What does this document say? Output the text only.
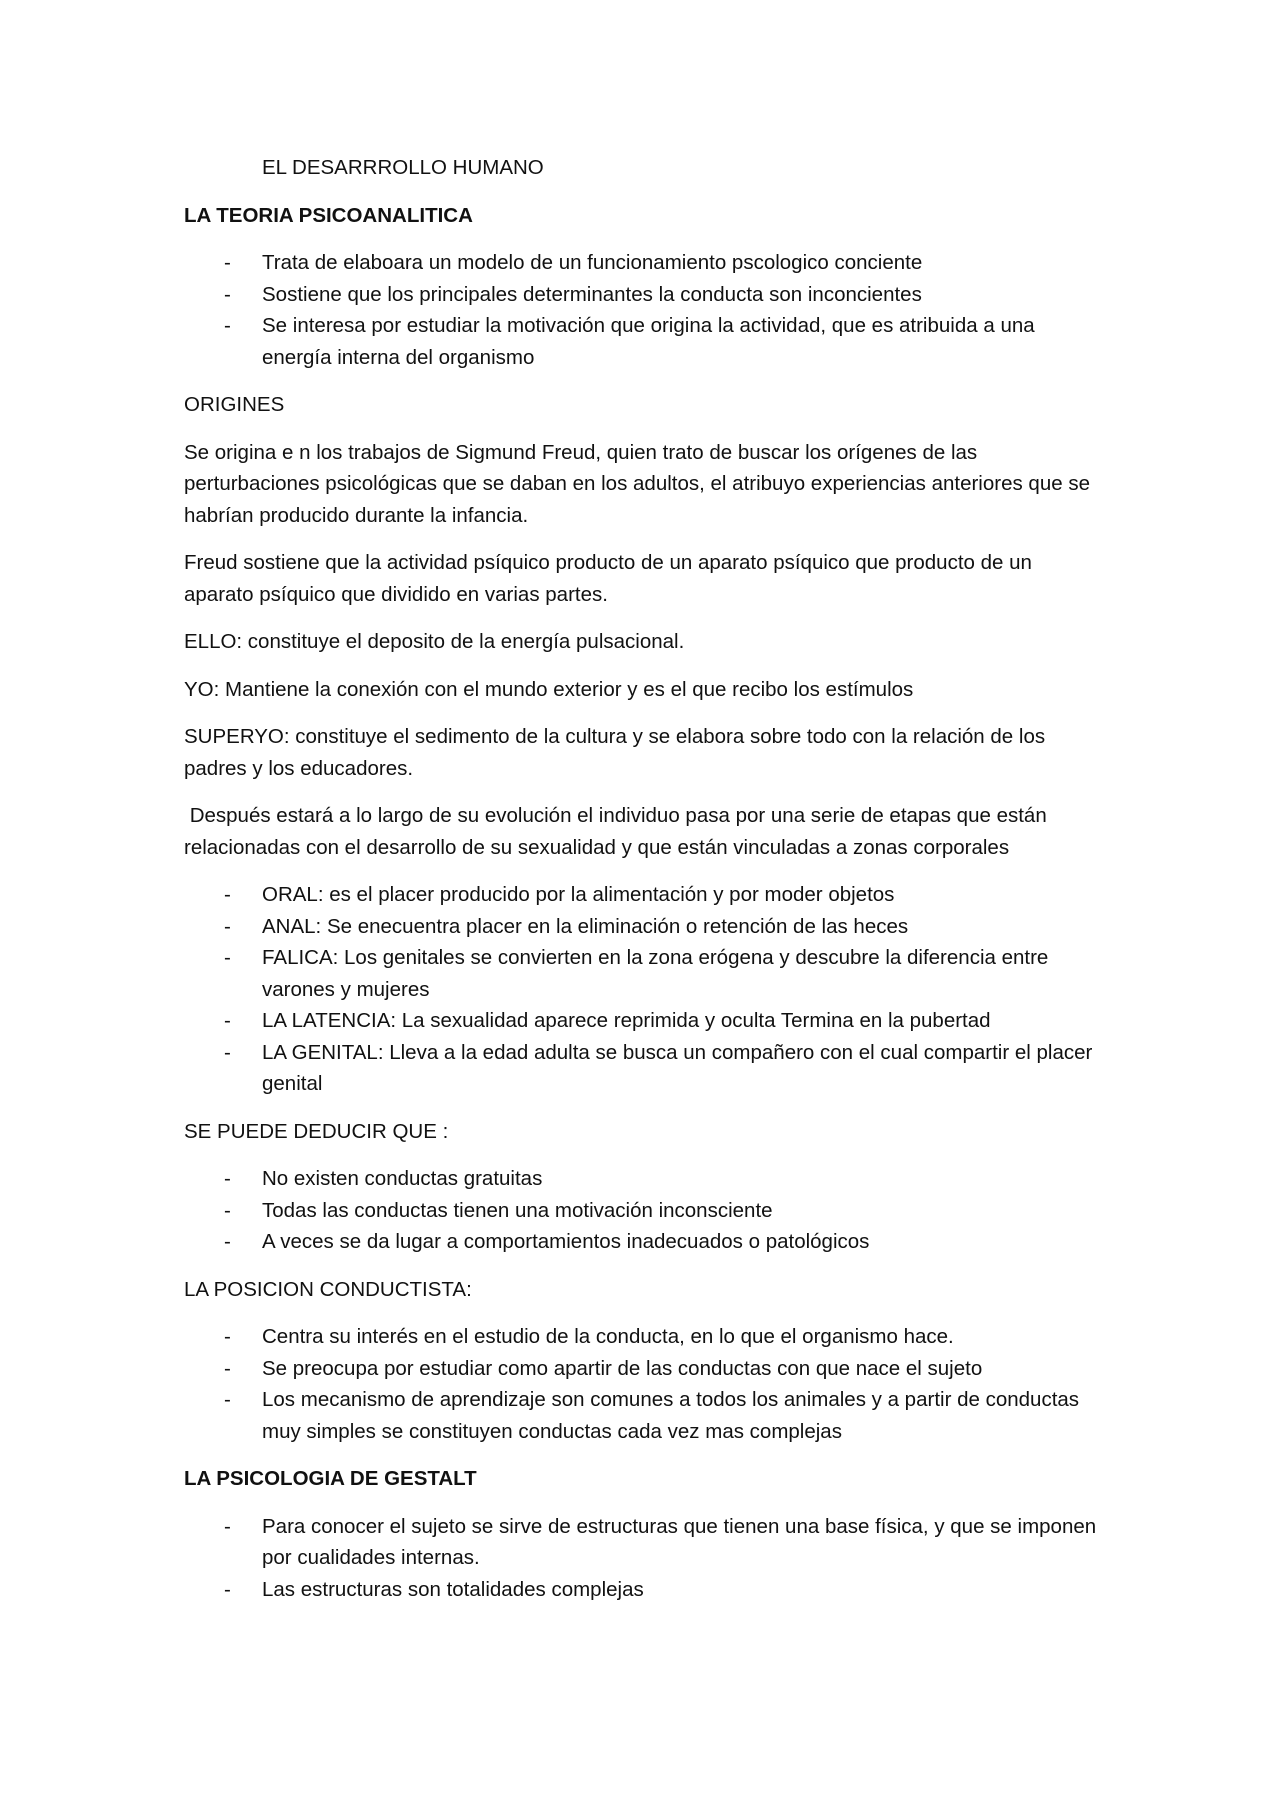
EL DESARRROLLO HUMANO
LA TEORIA PSICOANALITICA
- Trata de elaboara un modelo de un funcionamiento pscologico conciente
- Sostiene que los principales determinantes la conducta son inconcientes
- Se interesa por estudiar la motivación que origina la actividad, que es atribuida a una energía interna del organismo
ORIGINES

Se origina e n los trabajos de Sigmund Freud, quien trato de buscar los orígenes de las perturbaciones psicológicas que se daban en los adultos, el atribuyo experiencias anteriores que se habrían producido durante la infancia.

Freud sostiene que la actividad psíquico producto de un aparato psíquico que producto de un aparato psíquico que dividido en varias partes.

ELLO: constituye el deposito de la energía pulsacional.

YO: Mantiene la conexión con el mundo exterior y es el que recibo los estímulos

SUPERYO: constituye el sedimento de la cultura y se elabora sobre todo con la relación de los padres y los educadores.

Después estará a lo largo de su evolución el individuo pasa por una serie de etapas que están relacionadas con el desarrollo de su sexualidad y que están vinculadas a zonas corporales

- ORAL: es el placer producido por la alimentación y por moder objetos
- ANAL: Se enecuentra placer en la eliminación o retención de las heces
- FALICA: Los genitales se convierten en la zona erógena y descubre la diferencia entre varones y mujeres
- LA LATENCIA: La sexualidad aparece reprimida y oculta Termina en la pubertad
- LA GENITAL: Lleva a la edad adulta se busca un compañero con el cual compartir el placer genital
SE PUEDE DEDUCIR QUE :
- No existen conductas gratuitas
- Todas las conductas tienen una motivación inconsciente
- A veces se da lugar a comportamientos inadecuados o patológicos
LA POSICION CONDUCTISTA:
- Centra su interés en el estudio de la conducta, en lo que el organismo hace.
- Se preocupa por estudiar como apartir de las conductas con que nace el sujeto
- Los mecanismo de aprendizaje son comunes a todos los animales y a partir de conductas muy simples se constituyen conductas cada vez mas complejas
LA PSICOLOGIA DE GESTALT
- Para conocer el sujeto se sirve de estructuras que tienen una base física, y que se imponen por cualidades internas.
- Las estructuras son totalidades complejas
